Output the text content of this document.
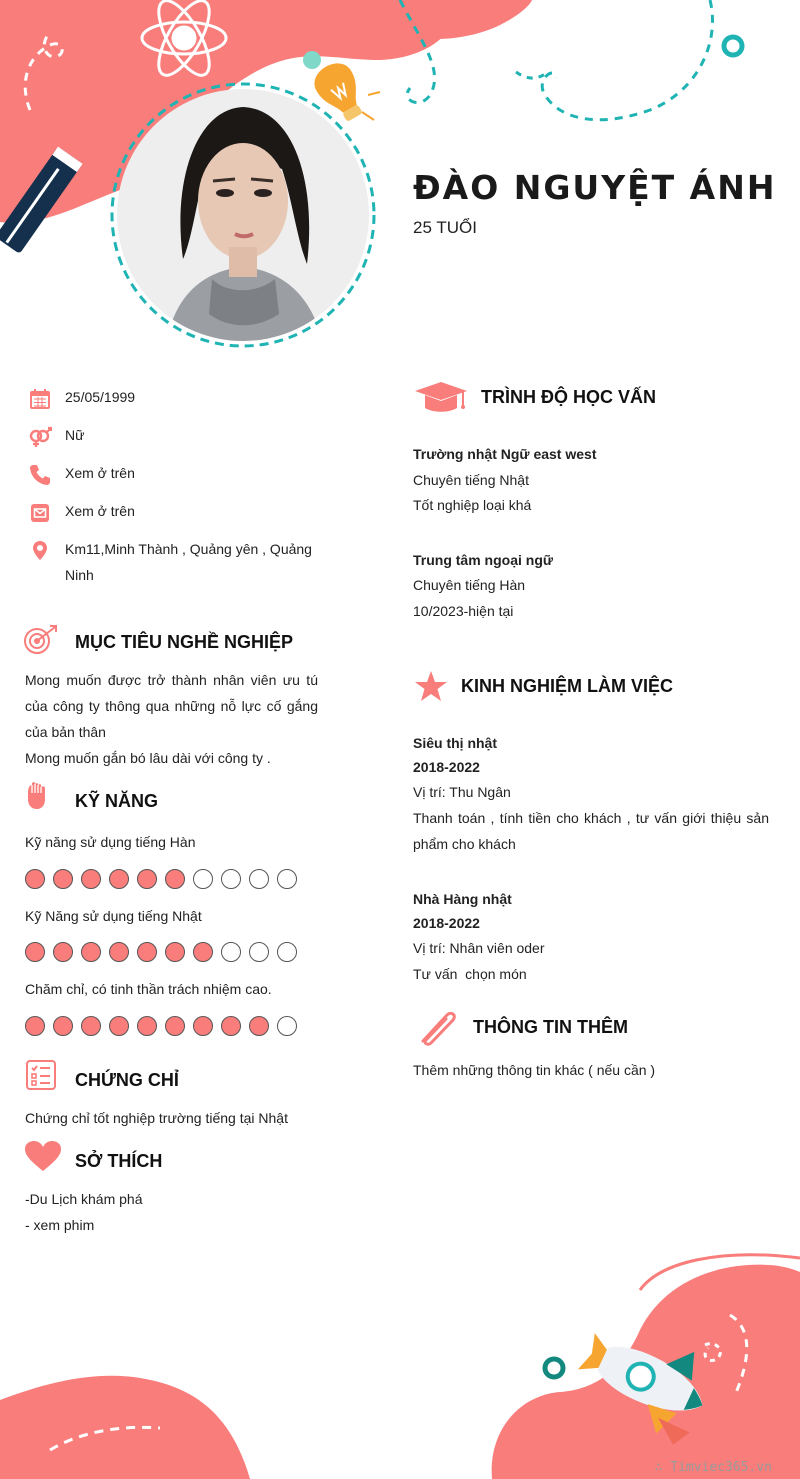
ĐÀO NGUYỆT ÁNH
25 TUỔI
25/05/1999
Nữ
Xem ở trên
Xem ở trên
Km11,Minh Thành , Quảng yên , Quảng Ninh
MỤC TIÊU NGHỀ NGHIỆP
Mong muốn được trở thành nhân viên ưu tú của công ty thông qua những nỗ lực cố gắng của bản thân
Mong muốn gắn bó lâu dài với công ty .
KỸ NĂNG
Kỹ năng sử dụng tiếng Hàn
Kỹ Năng sử dụng tiếng Nhật
Chăm chỉ, có tinh thần trách nhiệm cao.
CHỨNG CHỈ
Chứng chỉ tốt nghiệp trường tiếng tại Nhật
SỞ THÍCH
-Du Lịch khám phá
- xem phim
TRÌNH ĐỘ HỌC VẤN
Trường nhật Ngữ east west
Chuyên tiếng Nhật
Tốt nghiệp loại khá
Trung tâm ngoại ngữ
Chuyên tiếng Hàn
10/2023-hiện tại
KINH NGHIỆM LÀM VIỆC
Siêu thị nhật
2018-2022
Vị trí: Thu Ngân
Thanh toán , tính tiền cho khách , tư vấn giới thiệu sản phẩm cho khách
Nhà Hàng nhật
2018-2022
Vị trí: Nhân viên oder
Tư vấn  chọn món
THÔNG TIN THÊM
Thêm những thông tin khác ( nếu cần )
∴ Timviec365.vn
